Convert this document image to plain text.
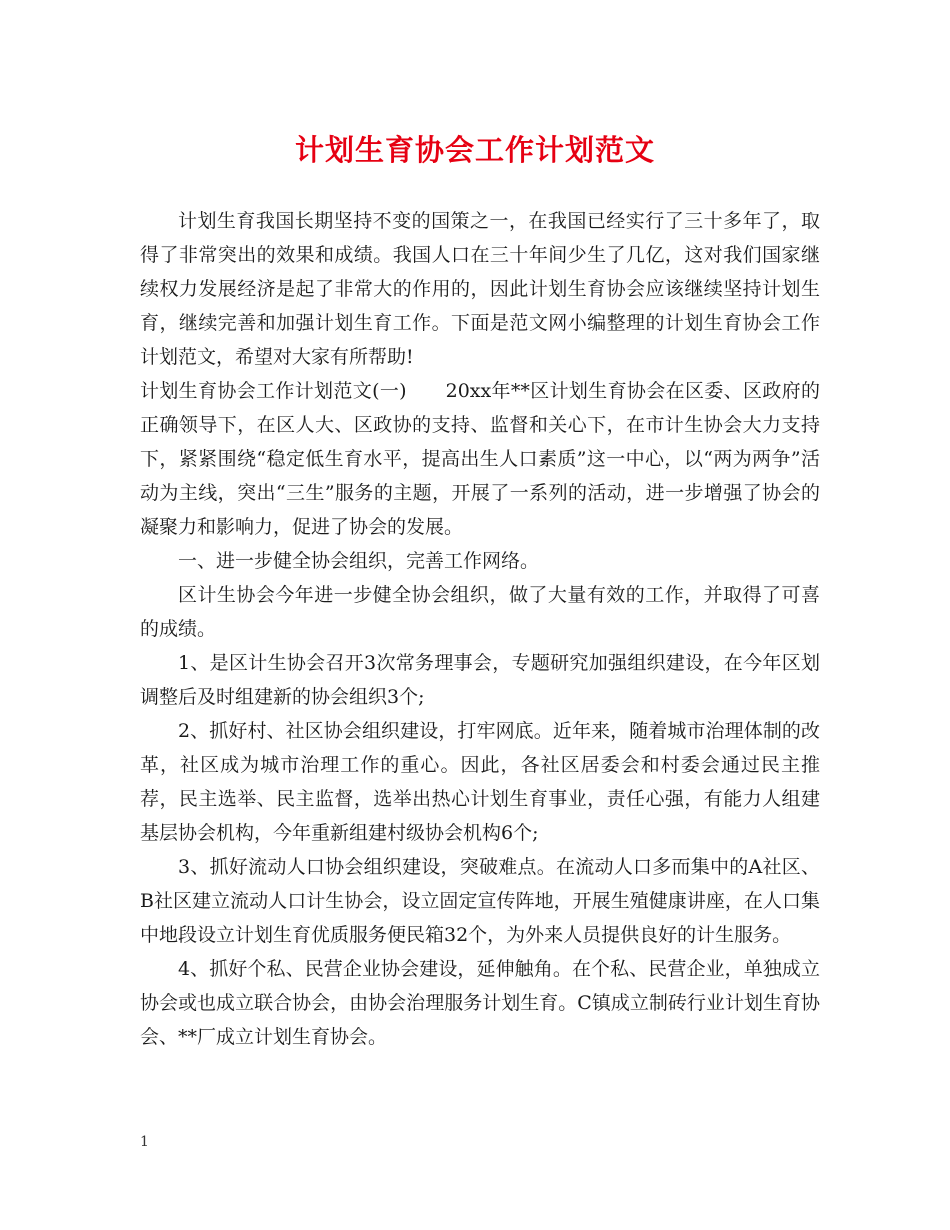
计划生育协会工作计划范文

计划生育我国长期坚持不变的国策之一，在我国已经实行了三十多年了，取得了非常突出的效果和成绩。我国人口在三十年间少生了几亿，这对我们国家继续权力发展经济是起了非常大的作用的，因此计划生育协会应该继续坚持计划生育，继续完善和加强计划生育工作。下面是范文网小编整理的计划生育协会工作计划范文，希望对大家有所帮助!

计划生育协会工作计划范文(一)　　20xx年**区计划生育协会在区委、区政府的正确领导下，在区人大、区政协的支持、监督和关心下，在市计生协会大力支持下，紧紧围绕“稳定低生育水平，提高出生人口素质”这一中心，以“两为两争”活动为主线，突出“三生”服务的主题，开展了一系列的活动，进一步增强了协会的凝聚力和影响力，促进了协会的发展。

一、进一步健全协会组织，完善工作网络。

区计生协会今年进一步健全协会组织，做了大量有效的工作，并取得了可喜的成绩。

1、是区计生协会召开3次常务理事会，专题研究加强组织建设，在今年区划调整后及时组建新的协会组织3个;

2、抓好村、社区协会组织建设，打牢网底。近年来，随着城市治理体制的改革，社区成为城市治理工作的重心。因此，各社区居委会和村委会通过民主推荐，民主选举、民主监督，选举出热心计划生育事业，责任心强，有能力人组建基层协会机构，今年重新组建村级协会机构6个;

3、抓好流动人口协会组织建设，突破难点。在流动人口多而集中的A社区、B社区建立流动人口计生协会，设立固定宣传阵地，开展生殖健康讲座，在人口集中地段设立计划生育优质服务便民箱32个，为外来人员提供良好的计生服务。

4、抓好个私、民营企业协会建设，延伸触角。在个私、民营企业，单独成立协会或也成立联合协会，由协会治理服务计划生育。C镇成立制砖行业计划生育协会、**厂成立计划生育协会。

1
